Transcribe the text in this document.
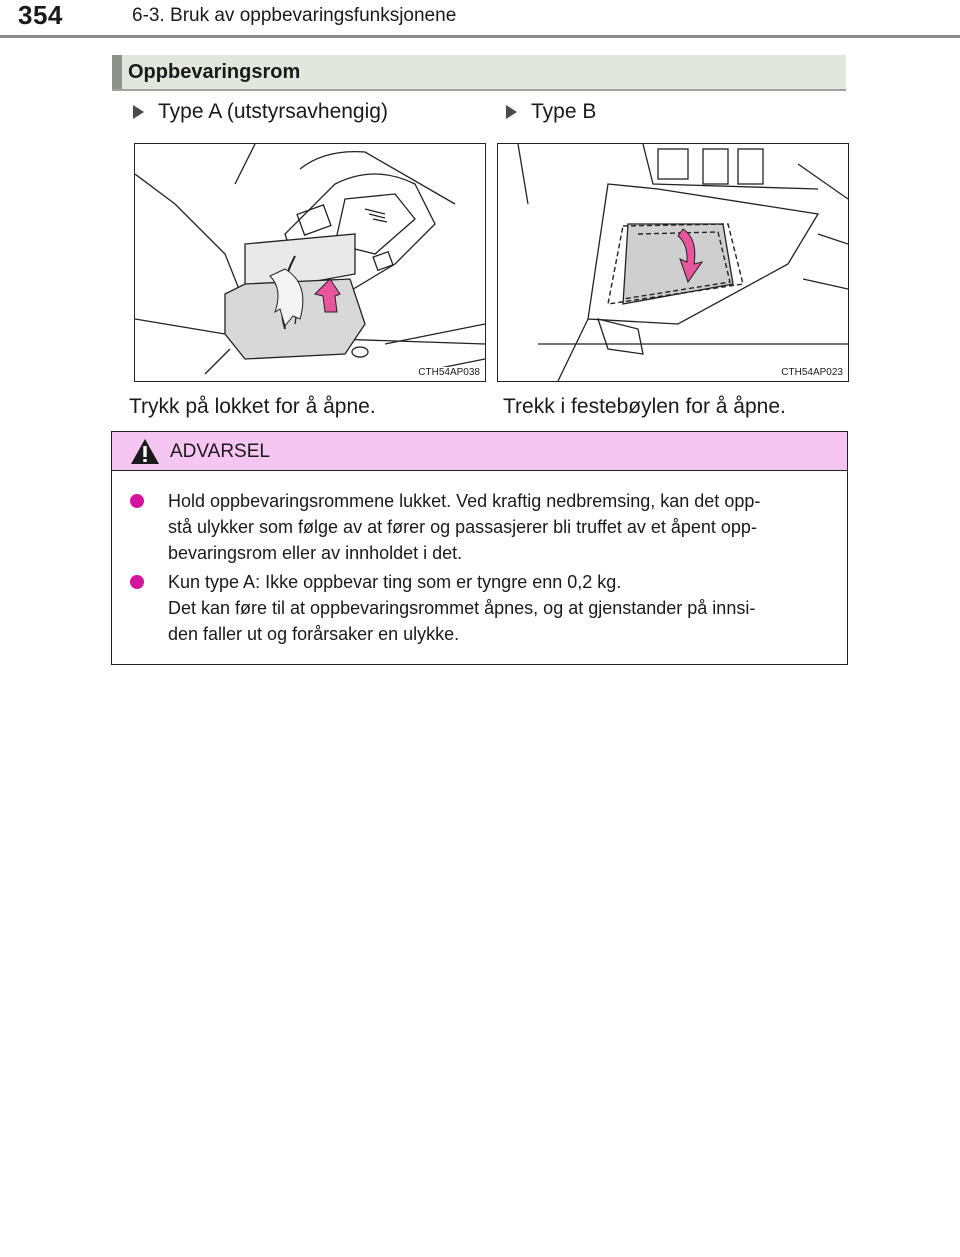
354	6-3. Bruk av oppbevaringsfunksjonene
Oppbevaringsrom
Type A (utstyrsavhengig)	Type B
CTH54AP038	CTH54AP023
Trykk på lokket for å åpne.	Trekk i festebøylen for å åpne.
ADVARSEL
Hold oppbevaringsrommene lukket. Ved kraftig nedbremsing, kan det opp-
stå ulykker som følge av at fører og passasjerer bli truffet av et åpent opp-
bevaringsrom eller av innholdet i det.
Kun type A: Ikke oppbevar ting som er tyngre enn 0,2 kg.
Det kan føre til at oppbevaringsrommet åpnes, og at gjenstander på innsi-
den faller ut og forårsaker en ulykke.
